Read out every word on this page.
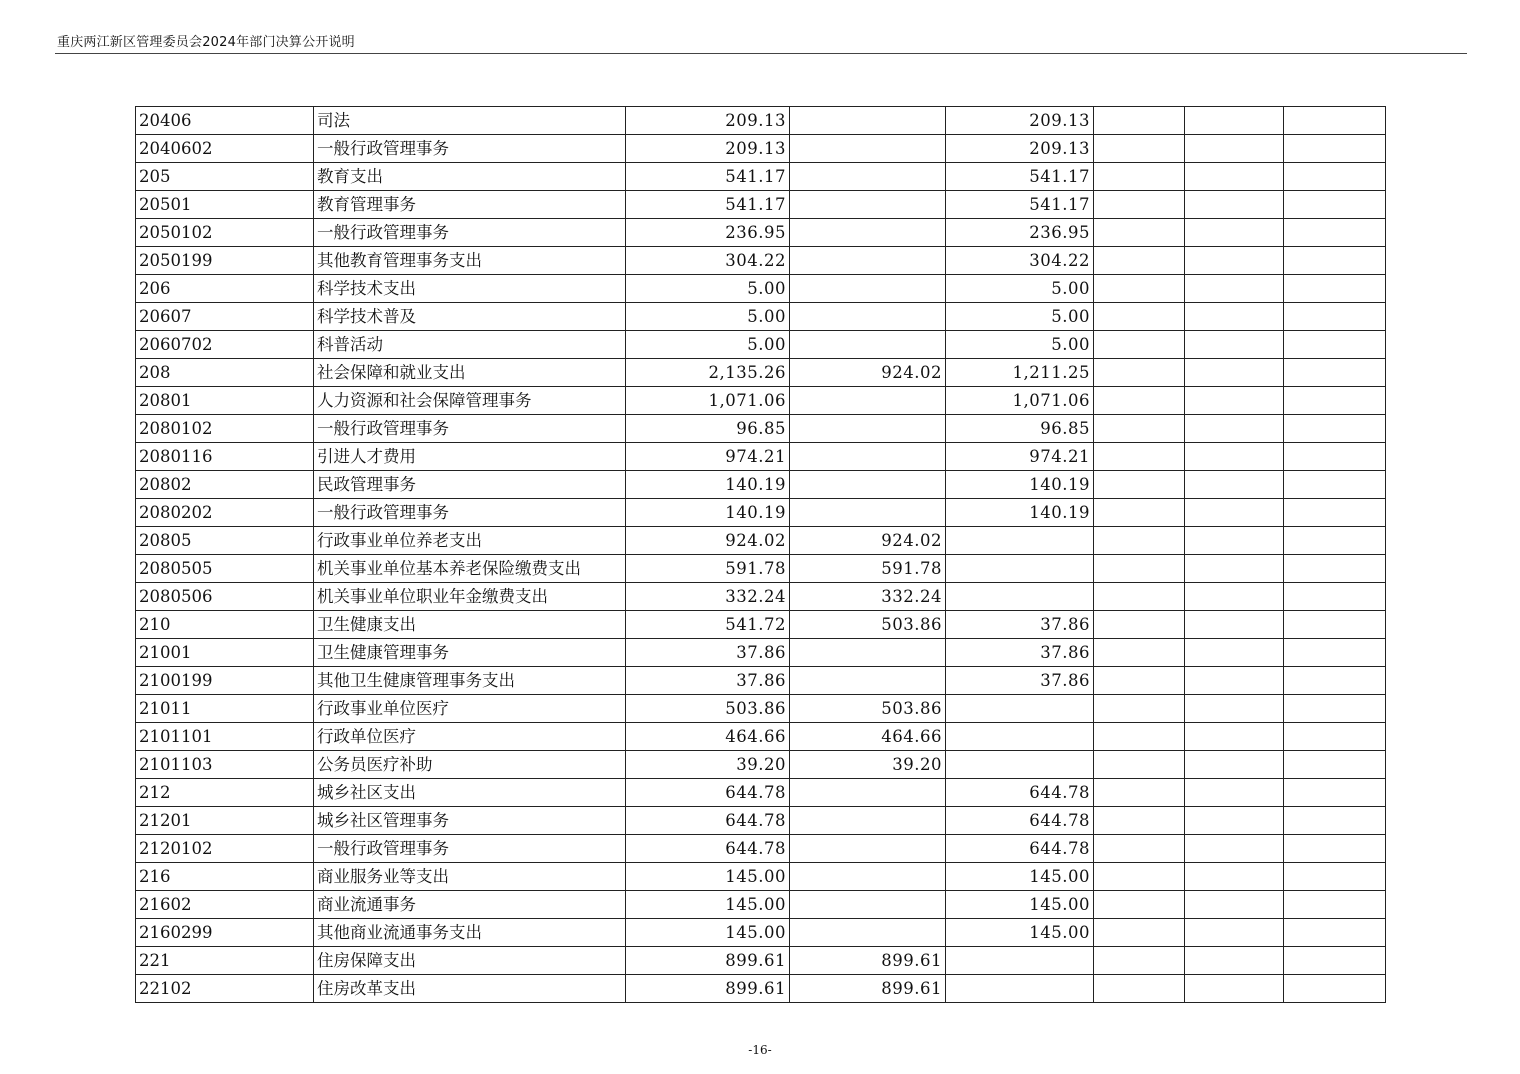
重庆两江新区管理委员会2024年部门决算公开说明
20406	司法	209.13		209.13			
2040602	一般行政管理事务	209.13		209.13			
205	教育支出	541.17		541.17			
20501	教育管理事务	541.17		541.17			
2050102	一般行政管理事务	236.95		236.95			
2050199	其他教育管理事务支出	304.22		304.22			
206	科学技术支出	5.00		5.00			
20607	科学技术普及	5.00		5.00			
2060702	科普活动	5.00		5.00			
208	社会保障和就业支出	2,135.26	924.02	1,211.25			
20801	人力资源和社会保障管理事务	1,071.06		1,071.06			
2080102	一般行政管理事务	96.85		96.85			
2080116	引进人才费用	974.21		974.21			
20802	民政管理事务	140.19		140.19			
2080202	一般行政管理事务	140.19		140.19			
20805	行政事业单位养老支出	924.02	924.02				
2080505	机关事业单位基本养老保险缴费支出	591.78	591.78				
2080506	机关事业单位职业年金缴费支出	332.24	332.24				
210	卫生健康支出	541.72	503.86	37.86			
21001	卫生健康管理事务	37.86		37.86			
2100199	其他卫生健康管理事务支出	37.86		37.86			
21011	行政事业单位医疗	503.86	503.86				
2101101	行政单位医疗	464.66	464.66				
2101103	公务员医疗补助	39.20	39.20				
212	城乡社区支出	644.78		644.78			
21201	城乡社区管理事务	644.78		644.78			
2120102	一般行政管理事务	644.78		644.78			
216	商业服务业等支出	145.00		145.00			
21602	商业流通事务	145.00		145.00			
2160299	其他商业流通事务支出	145.00		145.00			
221	住房保障支出	899.61	899.61				
22102	住房改革支出	899.61	899.61				
-16-
